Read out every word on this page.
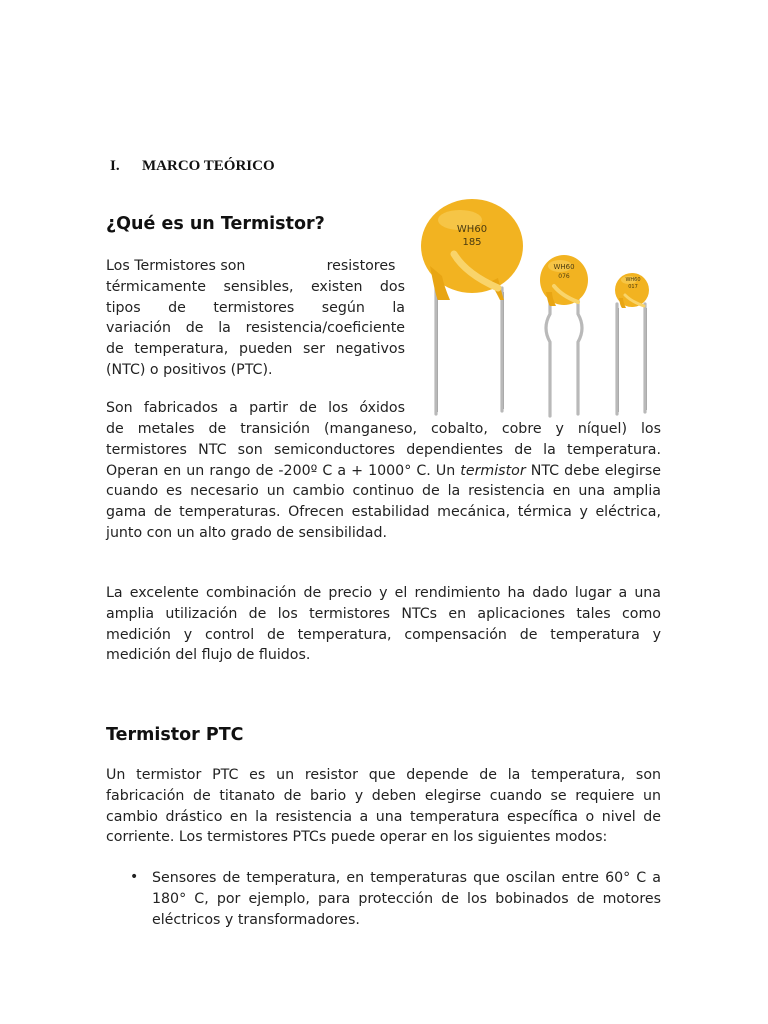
I. MARCO TEÓRICO
¿Qué es un Termistor?
Los Termistores son                  resistores
térmicamente sensibles, existen dos
tipos de termistores según la
variación de la resistencia/coeficiente
de temperatura, pueden ser negativos
(NTC) o positivos (PTC).
Son fabricados a partir de los óxidos
de metales de transición (manganeso, cobalto, cobre y níquel) los termistores NTC son semiconductores dependientes de la temperatura. Operan en un rango de -200º C a + 1000° C. Un termistor NTC debe elegirse cuando es necesario un cambio continuo de la resistencia en una amplia gama de temperaturas. Ofrecen estabilidad mecánica, térmica y eléctrica, junto con un alto grado de sensibilidad.
La excelente combinación de precio y el rendimiento ha dado lugar a una amplia utilización de los termistores NTCs en aplicaciones tales como medición y control de temperatura, compensación de temperatura y medición del flujo de fluidos.
Termistor PTC
Un termistor PTC es un resistor que depende de la temperatura, son fabricación de titanato de bario y deben elegirse cuando se requiere un cambio drástico en la resistencia a una temperatura específica o nivel de corriente. Los termistores PTCs puede operar en los siguientes modos:
• Sensores de temperatura, en temperaturas que oscilan entre 60° C a 180° C, por ejemplo, para protección de los bobinados de motores eléctricos y transformadores.
WH60
185
WH60
076	WH60
017
